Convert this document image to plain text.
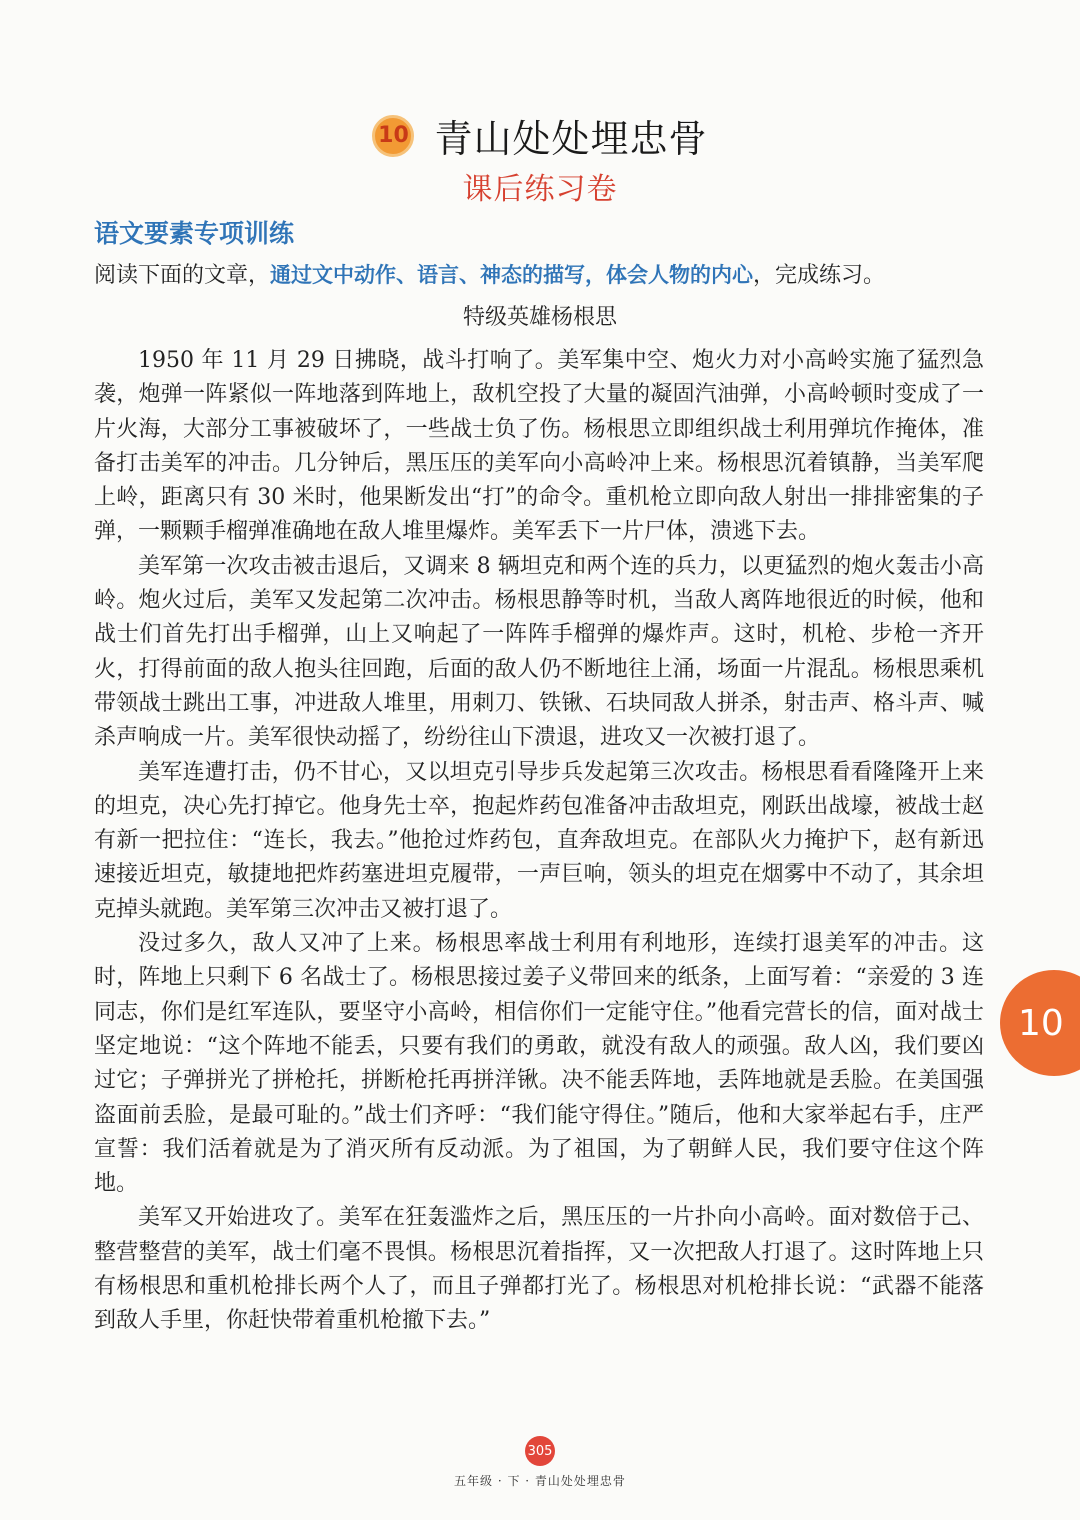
10 青山处处埋忠骨
课后练习卷
语文要素专项训练
阅读下面的文章，通过文中动作、语言、神态的描写，体会人物的内心，完成练习。
特级英雄杨根思

1950 年 11 月 29 日拂晓，战斗打响了。美军集中空、炮火力对小高岭实施了猛烈急袭，炮弹一阵紧似一阵地落到阵地上，敌机空投了大量的凝固汽油弹，小高岭顿时变成了一片火海，大部分工事被破坏了，一些战士负了伤。杨根思立即组织战士利用弹坑作掩体，准备打击美军的冲击。几分钟后，黑压压的美军向小高岭冲上来。杨根思沉着镇静，当美军爬上岭，距离只有 30 米时，他果断发出“打”的命令。重机枪立即向敌人射出一排排密集的子弹，一颗颗手榴弹准确地在敌人堆里爆炸。美军丢下一片尸体，溃逃下去。

美军第一次攻击被击退后，又调来 8 辆坦克和两个连的兵力，以更猛烈的炮火轰击小高岭。炮火过后，美军又发起第二次冲击。杨根思静等时机，当敌人离阵地很近的时候，他和战士们首先打出手榴弹，山上又响起了一阵阵手榴弹的爆炸声。这时，机枪、步枪一齐开火，打得前面的敌人抱头往回跑，后面的敌人仍不断地往上涌，场面一片混乱。杨根思乘机带领战士跳出工事，冲进敌人堆里，用刺刀、铁锹、石块同敌人拼杀，射击声、格斗声、喊杀声响成一片。美军很快动摇了，纷纷往山下溃退，进攻又一次被打退了。

美军连遭打击，仍不甘心，又以坦克引导步兵发起第三次攻击。杨根思看看隆隆开上来的坦克，决心先打掉它。他身先士卒，抱起炸药包准备冲击敌坦克，刚跃出战壕，被战士赵有新一把拉住：“连长，我去。”他抢过炸药包，直奔敌坦克。在部队火力掩护下，赵有新迅速接近坦克，敏捷地把炸药塞进坦克履带，一声巨响，领头的坦克在烟雾中不动了，其余坦克掉头就跑。美军第三次冲击又被打退了。

没过多久，敌人又冲了上来。杨根思率战士利用有利地形，连续打退美军的冲击。这时，阵地上只剩下 6 名战士了。杨根思接过姜子义带回来的纸条，上面写着：“亲爱的 3 连同志，你们是红军连队，要坚守小高岭，相信你们一定能守住。”他看完营长的信，面对战士坚定地说：“这个阵地不能丢，只要有我们的勇敢，就没有敌人的顽强。敌人凶，我们要凶过它；子弹拼光了拼枪托，拼断枪托再拼洋锹。决不能丢阵地，丢阵地就是丢脸。在美国强盗面前丢脸，是最可耻的。”战士们齐呼：“我们能守得住。”随后，他和大家举起右手，庄严宣誓：我们活着就是为了消灭所有反动派。为了祖国，为了朝鲜人民，我们要守住这个阵地。

美军又开始进攻了。美军在狂轰滥炸之后，黑压压的一片扑向小高岭。面对数倍于己、整营整营的美军，战士们毫不畏惧。杨根思沉着指挥，又一次把敌人打退了。这时阵地上只有杨根思和重机枪排长两个人了，而且子弹都打光了。杨根思对机枪排长说：“武器不能落到敌人手里，你赶快带着重机枪撤下去。”

10
305
五年级 · 下 · 青山处处埋忠骨
